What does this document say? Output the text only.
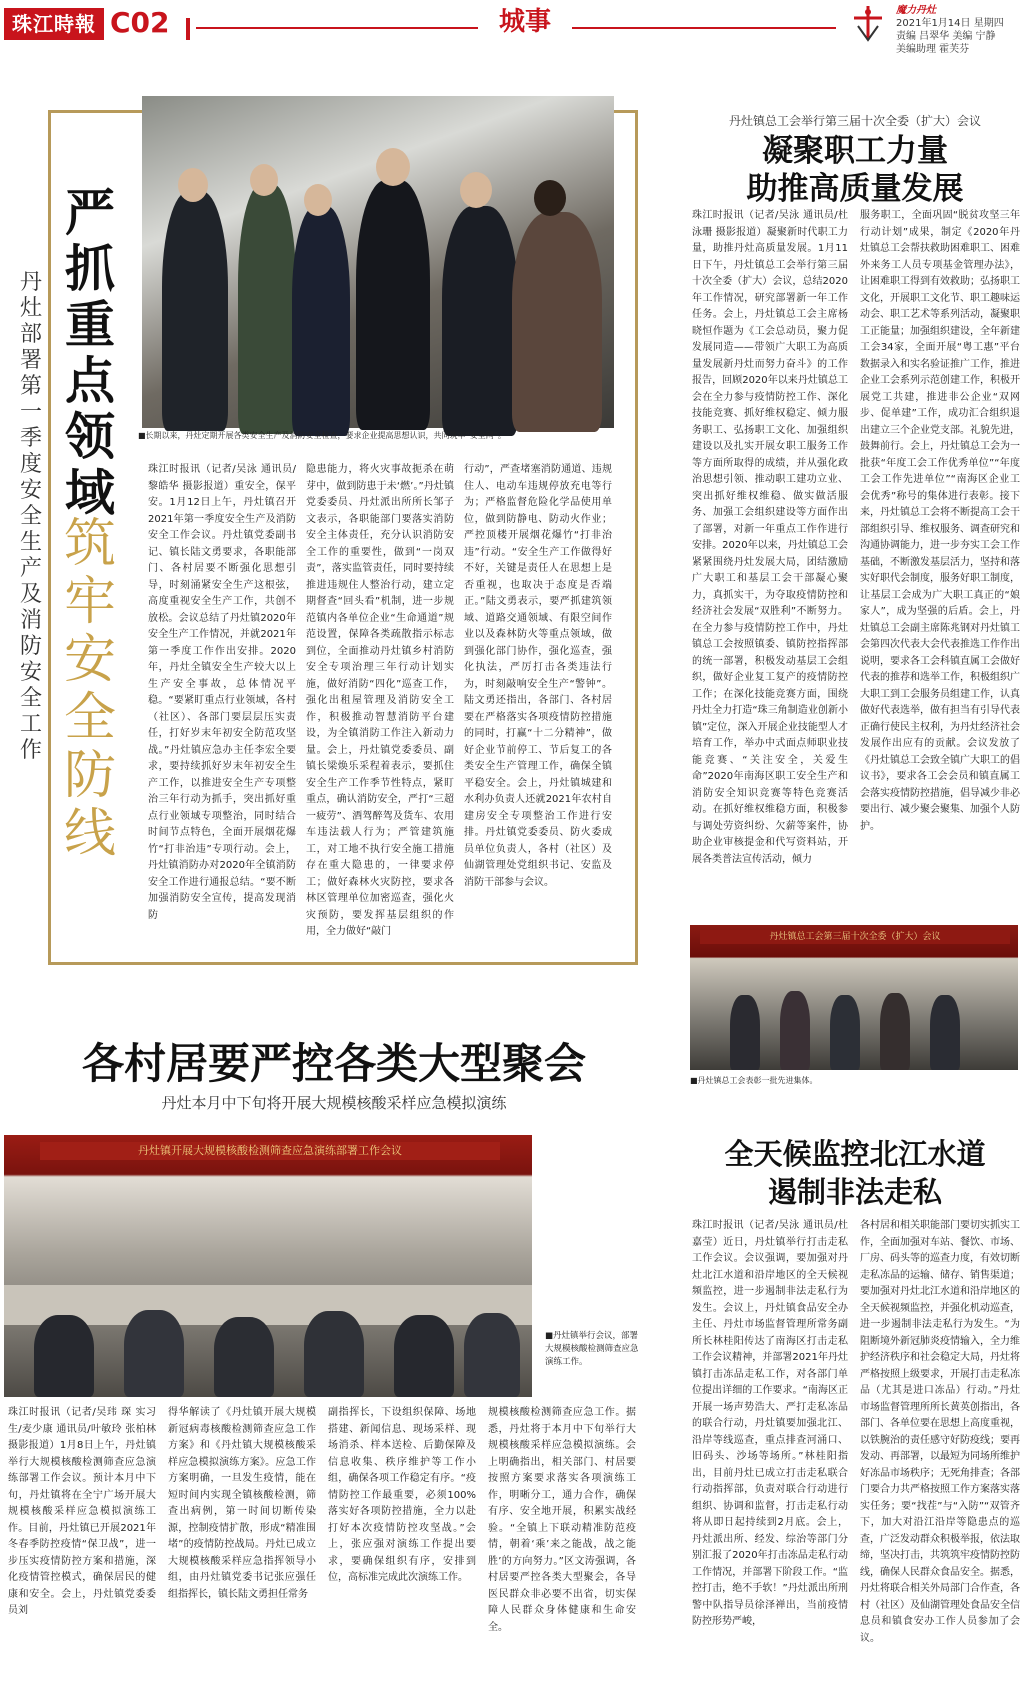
珠江時報 C02	城事	魔力丹灶
2021年1月14日 星期四
责编 吕翠华 美编 宁静
美编助理 霍芙芬
丹灶部署第一季度安全生产及消防安全工作
严抓重点领域
筑牢安全防线
■长期以来，丹灶定期开展各类安全生产及消防安全检查，要求企业提高思想认识，共同筑牢“安全网”。
珠江时报讯（记者/吴泳 通讯员/黎皓华 摄影报道）重安全，保平安。1月12日上午，丹灶镇召开2021年第一季度安全生产及消防安全工作会议。丹灶镇党委副书记、镇长陆文勇要求，各职能部门、各村居要不断强化思想引导，时刻涌紧安全生产这根弦，高度重视安全生产工作，共创不放松。会议总结了丹灶镇2020年安全生产工作情况，并就2021年第一季度工作作出安排。2020年，丹灶全镇安全生产较大以上生产安全事故，总体情况平稳。“要紧盯重点行业领域，各村（社区）、各部门要层层压实责任，打好岁末年初安全防范攻坚战。”丹灶镇应急办主任李宏全要求，要持续抓好岁末年初安全生产工作，以推进安全生产专项整治三年行动为抓手，突出抓好重点行业领域专项整治，同时结合时间节点特色，全面开展烟花爆竹“打非治违”专项行动。会上，丹灶镇消防办对2020年全镇消防安全工作进行通报总结。“要不断加强消防安全宣传，提高发现消防
隐患能力，将火灾事故扼杀在萌芽中，做到防患于未‘燃’。”丹灶镇党委委员、丹灶派出所所长邹子文表示，各职能部门要落实消防安全主体责任，充分认识消防安全工作的重要性，做到“一岗双责”，落实监管责任，同时要持续推进违规住人整治行动，建立定期督查“回头看”机制，进一步规范镇内各单位企业“生命通道”规范设置，保障各类疏散指示标志到位，全面推动丹灶镇乡村消防安全专项治理三年行动计划实施，做好消防“四化”巡查工作，强化出租屋管理及消防安全工作，积极推动智慧消防平台建设，为全镇消防工作注入新动力量。会上，丹灶镇党委委员、副镇长梁焕乐采程着表示，要抓住安全生产工作季节性特点，紧盯重点，确认消防安全，严打“三超一疲劳”、酒驾醉驾及货车、农用车违法载人行为；严管建筑施工，对工地不执行安全施工措施存在重大隐患的，一律要求停工；做好森林火灾防控，要求各林区管理单位加密巡查，强化火灾预防，要发挥基层组织的作用，全力做好“敲门
行动”，严查堵塞消防通道、违规住人、电动车违规停放充电等行为；严格监督危险化学品使用单位，做到防静电、防动火作业；严控顶楼开展烟花爆竹“打非治违”行动。“安全生产工作做得好不好，关键是责任人在思想上是否重视，也取决于态度是否端正。”陆文勇表示，要严抓建筑领域、道路交通领域、有限空间作业以及森林防火等重点领域，做到强化部门协作，强化巡查，强化执法，严厉打击各类违法行为，时刻敲响安全生产“警钟”。陆文勇还指出，各部门、各村居要在严格落实各项疫情防控措施的同时，打赢“十二分精神”，做好企业节前停工、节后复工的各类安全生产管理工作，确保全镇平稳安全。会上，丹灶镇城建和水利办负责人还就2021年农村自建房安全专项整治工作进行安排。丹灶镇党委委员、防火委成员单位负责人，各村（社区）及仙湖管理处党组织书记、安监及消防干部参与会议。
丹灶镇总工会举行第三届十次全委（扩大）会议
凝聚职工力量
助推高质量发展
珠江时报讯（记者/吴泳 通讯员/杜泳珊 摄影报道）凝聚新时代职工力量，助推丹灶高质量发展。1月11日下午，丹灶镇总工会举行第三届十次全委（扩大）会议，总结2020年工作情况，研究部署新一年工作任务。会上，丹灶镇总工会主席杨晓恒作题为《工会总动员，聚力促发展同造——带领广大职工为高质量发展新丹灶而努力奋斗》的工作报告，回顾2020年以来丹灶镇总工会在全力参与疫情防控工作、深化技能竞赛、抓好维权稳定、倾力服务职工、弘扬职工文化、加强组织建设以及扎实开展女职工服务工作等方面所取得的成绩，并从强化政治思想引领、推动职工建功立业、突出抓好维权维稳、做实做活服务、加强工会组织建设等方面作出了部署，对新一年重点工作作进行安排。2020年以来，丹灶镇总工会紧紧围绕丹灶发展大局，团结激励广大职工和基层工会干部凝心聚力，真抓实干，为夺取疫情防控和经济社会发展“双胜利”不断努力。在全力参与疫情防控工作中，丹灶镇总工会按照镇委、镇防控指挥部的统一部署，积极发动基层工会组织，做好企业复工复产的疫情防控工作；在深化技能竞赛方面，围绕丹灶全力打造“珠三角制造业创新小镇”定位，深入开展企业技能型人才培育工作，举办中式面点师职业技能竞赛、“关注安全，关爱生命”2020年南海区职工安全生产和消防安全知识竞赛等特色竞赛活动。在抓好维权维稳方面，积极参与调处劳资纠纷、欠薪等案件，协助企业审核提金和代写资料站，开展各类普法宣传活动，倾力
服务职工，全面巩固“脱贫攻坚三年行动计划”成果，制定《2020年丹灶镇总工会帮扶救助困难职工、困难外来务工人员专项基金管理办法》，让困难职工得到有效救助；弘扬职工文化，开展职工文化节、职工趣味运动会、职工艺术等系列活动，凝聚职工正能量；加强组织建设，全年新建工会34家，全面开展“粤工惠”平台数据录入和实名验证推广工作，推进企业工会系列示范创建工作，积极开展党工共建，推进非公企业“双网步、促单建”工作，成功汇合组织退出建立三个企业党支部。礼貌先进，鼓舞前行。会上，丹灶镇总工会为一批获“年度工会工作优秀单位”“年度工会工作先进单位”“南海区企业工会优秀”称号的集体进行表彰。接下来，丹灶镇总工会将不断提高工会干部组织引导、维权服务、调查研究和沟通协调能力，进一步夯实工会工作基础，不断激发基层活力，坚持和落实好职代会制度，服务好职工制度，让基层工会成为广大职工真正的“娘家人”，成为坚强的后盾。会上，丹灶镇总工会副主席陈兆钢对丹灶镇工会第四次代表大会代表推选工作作出说明，要求各工会科镇直属工会做好代表的推荐和选举工作，积极组织广大职工到工会服务员组建工作，认真做好代表选举，做有担当有引导代表正确行使民主权利，为丹灶经济社会发展作出应有的贡献。会议发放了《丹灶镇总工会致全镇广大职工的倡议书》，要求各工会会员和镇直属工会落实疫情防控措施，倡导减少非必要出行、减少聚会聚集、加强个人防护。
丹灶镇总工会第三届十次全委（扩大）会议
■丹灶镇总工会表彰一批先进集体。
各村居要严控各类大型聚会
丹灶本月中下旬将开展大规模核酸采样应急模拟演练
丹灶镇开展大规模核酸检测筛查应急演练部署工作会议
■丹灶镇举行会议，部署大规模核酸检测筛查应急演练工作。
珠江时报讯（记者/吴玮 琛 实习生/麦少康 通讯员/叶敏玲 张柏林 摄影报道）1月8日上午，丹灶镇举行大规模核酸检测筛查应急演练部署工作会议。预计本月中下旬，丹灶镇将在全宁广场开展大规模核酸采样应急模拟演练工作。目前，丹灶镇已开展2021年冬春季防控疫情“保卫战”，进一步压实疫情防控方案和措施，深化疫情管控模式，确保居民的健康和安全。会上，丹灶镇党委委员刘
得华解读了《丹灶镇开展大规模新冠病毒核酸检测筛查应急工作方案》和《丹灶镇大规模核酸采样应急模拟演练方案》。应急工作方案明确，一旦发生疫情，能在短时间内实现全镇核酸检测，筛查出病例，第一时间切断传染源，控制疫情扩散，形成“精准围堵”的疫情防控战局。丹灶已成立大规模核酸采样应急指挥领导小组，由丹灶镇党委书记张应强任组指挥长，镇长陆文勇担任常务
副指挥长，下设组织保障、场地搭建、新闻信息、现场采样、现场消杀、样本送检、后勤保障及信息收集、秩序维护等工作小组，确保各项工作稳定有序。“疫情防控工作最重要，必须100%落实好各项防控措施，全力以赴打好本次疫情防控攻坚战。”会上，张应强对演练工作提出要求，要确保组织有序，安排到位，高标准完成此次演练工作。
规模核酸检测筛查应急工作。据悉，丹灶将于本月中下旬举行大规模核酸采样应急模拟演练。会上明确指出，相关部门、村居要按照方案要求落实各项演练工作，明晰分工，通力合作，确保有序、安全地开展，积累实战经验。“全镇上下联动精准防范疫情，朝着‘乘’来之能战，战之能胜’的方向努力。”区文涛强调，各村居要严控各类大型聚会，各导医民群众非必要不出省，切实保障人民群众身体健康和生命安全。
全天候监控北江水道
遏制非法走私
珠江时报讯（记者/吴泳 通讯员/杜嘉莹）近日，丹灶镇举行打击走私工作会议。会议强调，要加强对丹灶北江水道和沿岸地区的全天候视频监控，进一步遏制非法走私行为发生。会议上，丹灶镇食品安全办主任、丹灶市场监督管理所常务副所长林桂阳传达了南海区打击走私工作会议精神，并部署2021年丹灶镇打击冻品走私工作，对各部门单位提出详细的工作要求。“南海区正开展一场声势浩大、严打走私冻品的联合行动，丹灶镇要加强北江、沿岸等线巡查，重点排查河涌口、旧码头、沙场等场所。”林桂阳指出，目前丹灶已成立打击走私联合行动指挥部，负责对联合行动进行组织、协调和监督，打击走私行动将从即日起持续到2月底。会上，丹灶派出所、经发、综治等部门分别汇报了2020年打击冻品走私行动工作情况，并部署下阶段工作。“监控打击，绝不手软！”丹灶派出所刑警中队指导员徐泽禅出，当前疫情防控形势严峻，
各村居和相关职能部门要切实抓实工作，全面加强对车站、餐饮、市场、厂房、码头等的巡查力度，有效切断走私冻品的运输、储存、销售渠道；要加强对丹灶北江水道和沿岸地区的全天候视频监控，并强化机动巡查，进一步遏制非法走私行为发生。“为阻断境外新冠肺炎疫情输入，全力维护经济秩序和社会稳定大局，丹灶将严格按照上级要求，开展打击走私冻品（尤其是进口冻品）行动。”丹灶市场监督管理所所长黄英创指出，各部门、各单位要在思想上高度重视，以铁腕治的责任感守好防疫线；要再发动、再部署，以最短为同场所维护好冻品市场秩序；无死角排查；各部门要合力共严格按照工作方案落实落实任务；要“找茬”与“入防”“双管齐下，加大对沿江沿岸等隐患点的巡查，广泛发动群众积极举报，依法取缔，坚决打击，共筑筑牢疫情防控防线，确保人民群众食品安全。据悉，丹灶将联合相关外局部门合作查，各村（社区）及仙湖管理处食品安全信息员和镇食安办工作人员参加了会议。
